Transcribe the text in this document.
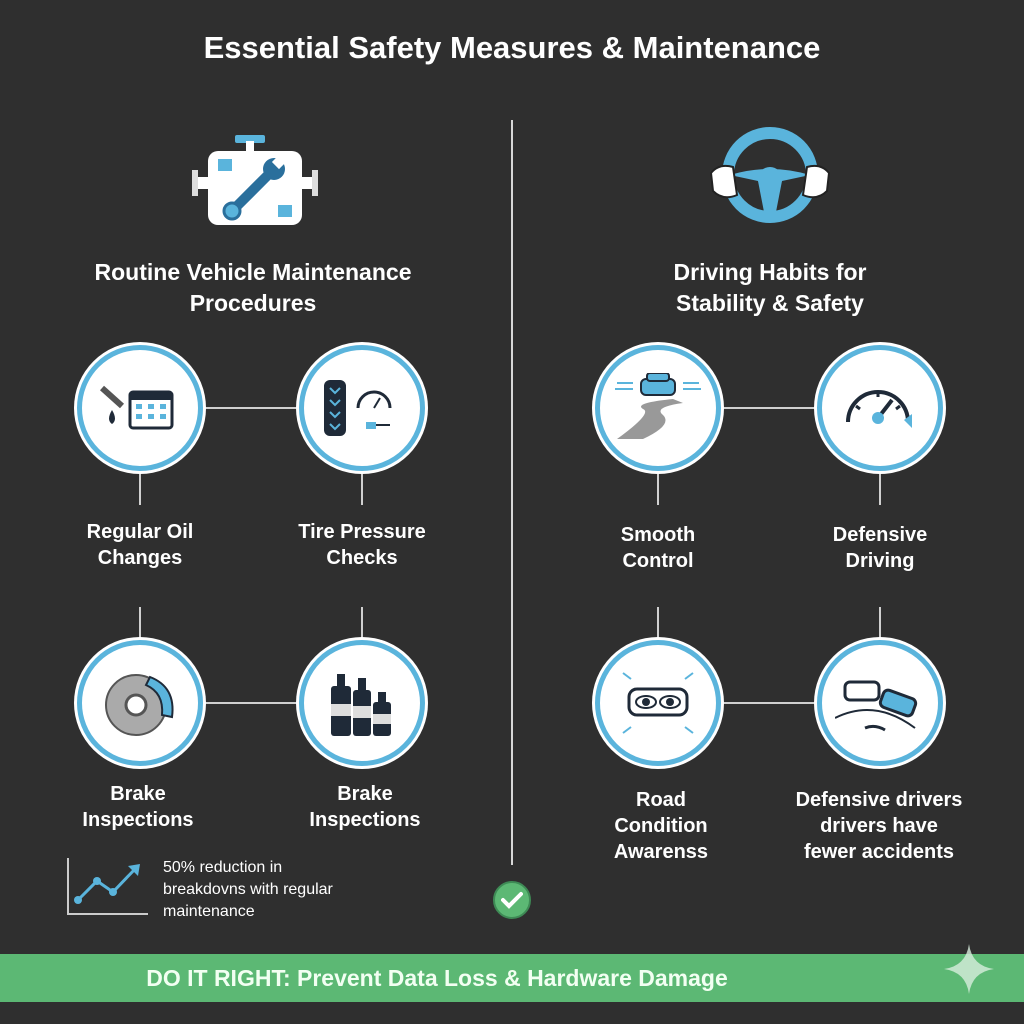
Essential Safety Measures & Maintenance
Routine Vehicle Maintenance
Procedures
Regular Oil
Changes
Tire Pressure
Checks
Brake
Inspections
Brake
Inspections
50% reduction in
breakdovns with regular
maintenance
Driving Habits for
Stability & Safety
Smooth
Control
Defensive
Driving
Road
Condition
Awarenss
Defensive drivers
drivers have
fewer accidents
DO IT RIGHT: Prevent Data Loss & Hardware Damage
